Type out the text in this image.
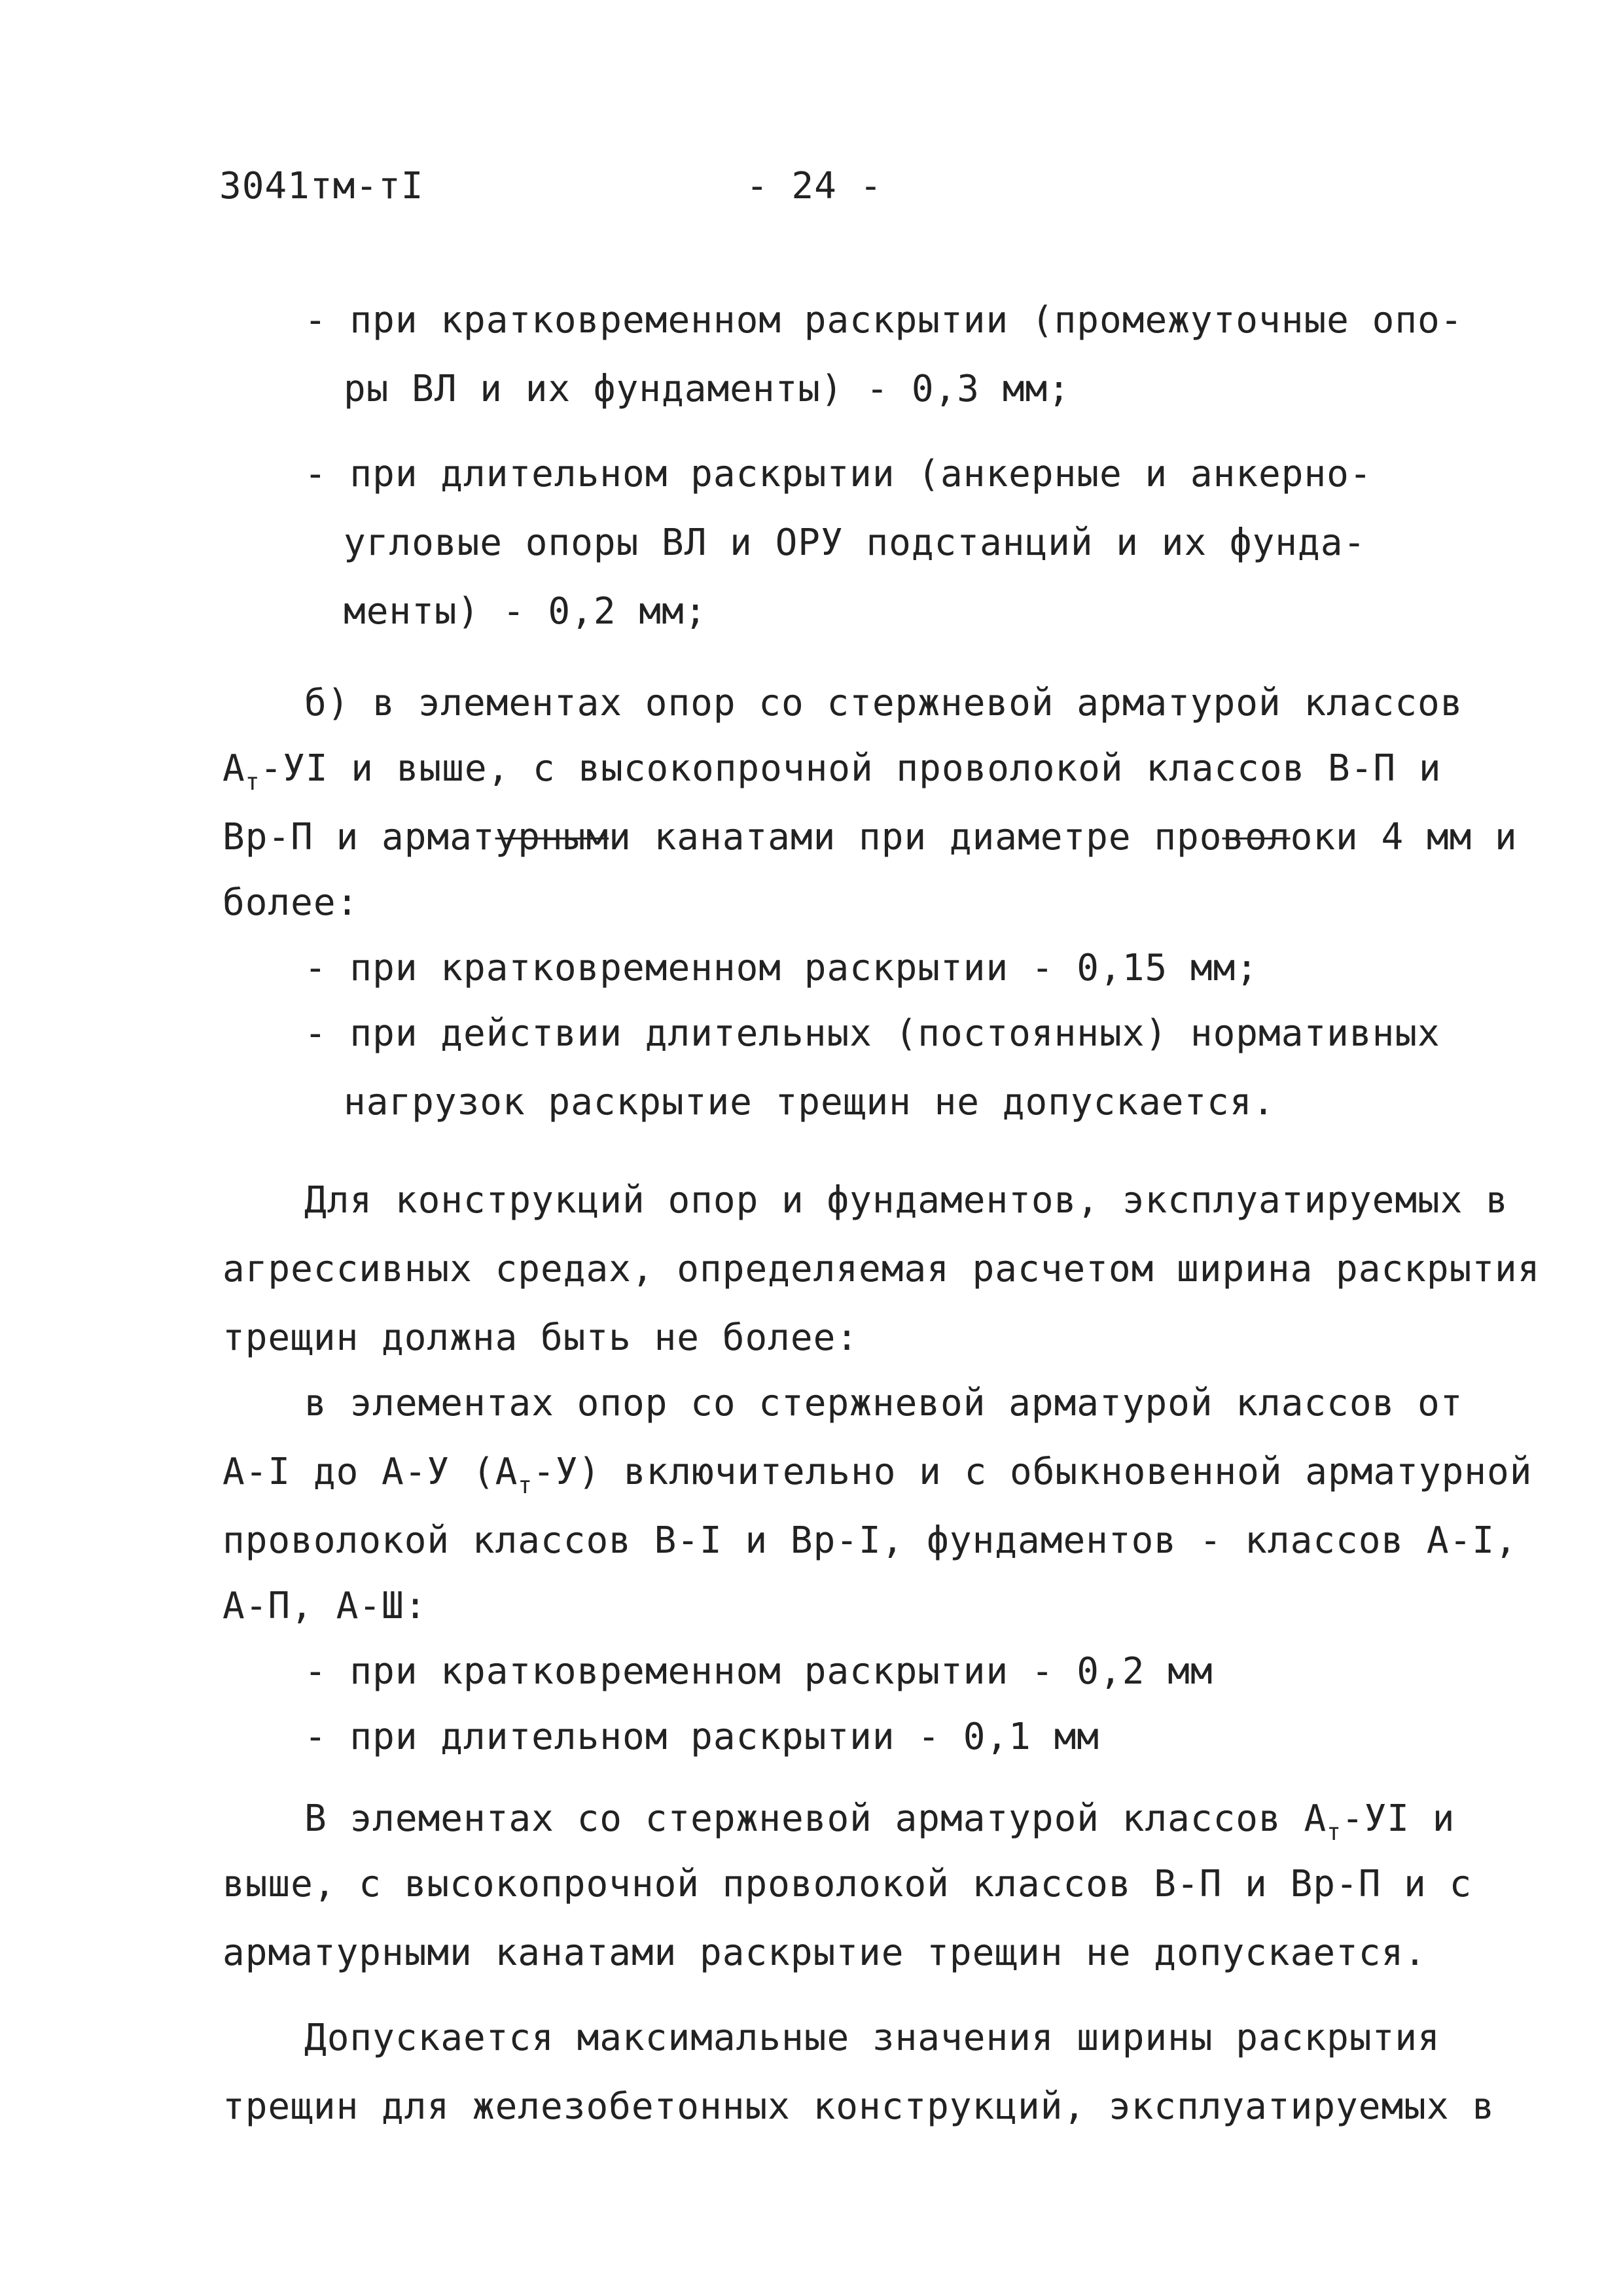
3041тм-тI	- 24 -
- при кратковременном раскрытии (промежуточные опо-
ры ВЛ и их фундаменты) - 0,3 мм;
- при длительном раскрытии (анкерные и анкерно-
угловые опоры ВЛ и ОРУ подстанций и их фунда-
менты) - 0,2 мм;
б) в элементах опор со стержневой арматурой классов
$А_т-УI$ и выше, с высокопрочной проволокой классов В-П и
Вр-П и арматурными канатами при диаметре проволоки 4 мм и
более:
- при кратковременном раскрытии - 0,15 мм;
- при действии длительных (постоянных) нормативных
нагрузок раскрытие трещин не допускается.
Для конструкций опор и фундаментов, эксплуатируемых в
агрессивных средах, определяемая расчетом ширина раскрытия
трещин должна быть не более:
в элементах опор со стержневой арматурой классов от
А-I до А-У $(А_т-У)$ включительно и с обыкновенной арматурной
проволокой классов В-I и Вр-I, фундаментов - классов А-I,
А-П, А-Ш:
- при кратковременном раскрытии - 0,2 мм
- при длительном раскрытии - 0,1 мм
В элементах со стержневой арматурой классов $А_т-УI$ и
выше, с высокопрочной проволокой классов В-П и Вр-П и с
арматурными канатами раскрытие трещин не допускается.
Допускается максимальные значения ширины раскрытия
трещин для железобетонных конструкций, эксплуатируемых в
